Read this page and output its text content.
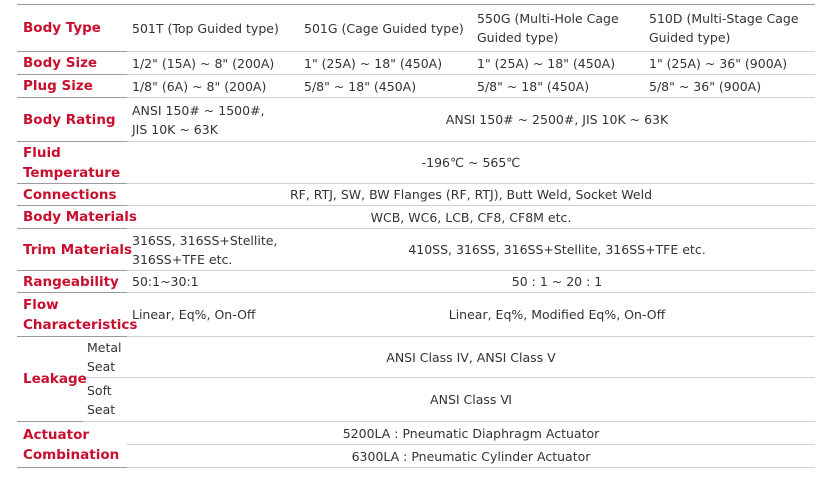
Body Type		501T (Top Guided type)	501G (Cage Guided type)	550G (Multi-Hole Cage
Guided type)	510D (Multi-Stage Cage
Guided type)
Body Size		1/2" (15A) ~ 8" (200A)	1" (25A) ~ 18" (450A)	1" (25A) ~ 18" (450A)	1" (25A) ~ 36" (900A)
Plug Size		1/8" (6A) ~ 8" (200A)	5/8" ~ 18" (450A)	5/8" ~ 18" (450A)	5/8" ~ 36" (900A)
Body Rating		ANSI 150# ~ 1500#,
JIS 10K ~ 63K	ANSI 150# ~ 2500#, JIS 10K ~ 63K		
Fluid
Temperature		-196℃ ~ 565℃			
Connections		RF, RTJ, SW, BW Flanges (RF, RTJ), Butt Weld, Socket Weld			
Body Materials		WCB, WC6, LCB, CF8, CF8M etc.			
Trim Materials		316SS, 316SS+Stellite,
316SS+TFE etc.	410SS, 316SS, 316SS+Stellite, 316SS+TFE etc.		
Rangeability		50:1~30:1	50 : 1 ~ 20 : 1		
Flow
Characteristics		Linear, Eq%, On-Off	Linear, Eq%, Modified Eq%, On-Off		
Leakage	Metal
Seat	ANSI Class IV, ANSI Class V			
	Soft
Seat	ANSI Class Ⅵ			
Actuator
Combination		5200LA : Pneumatic Diaphragm Actuator			
		6300LA : Pneumatic Cylinder Actuator			
